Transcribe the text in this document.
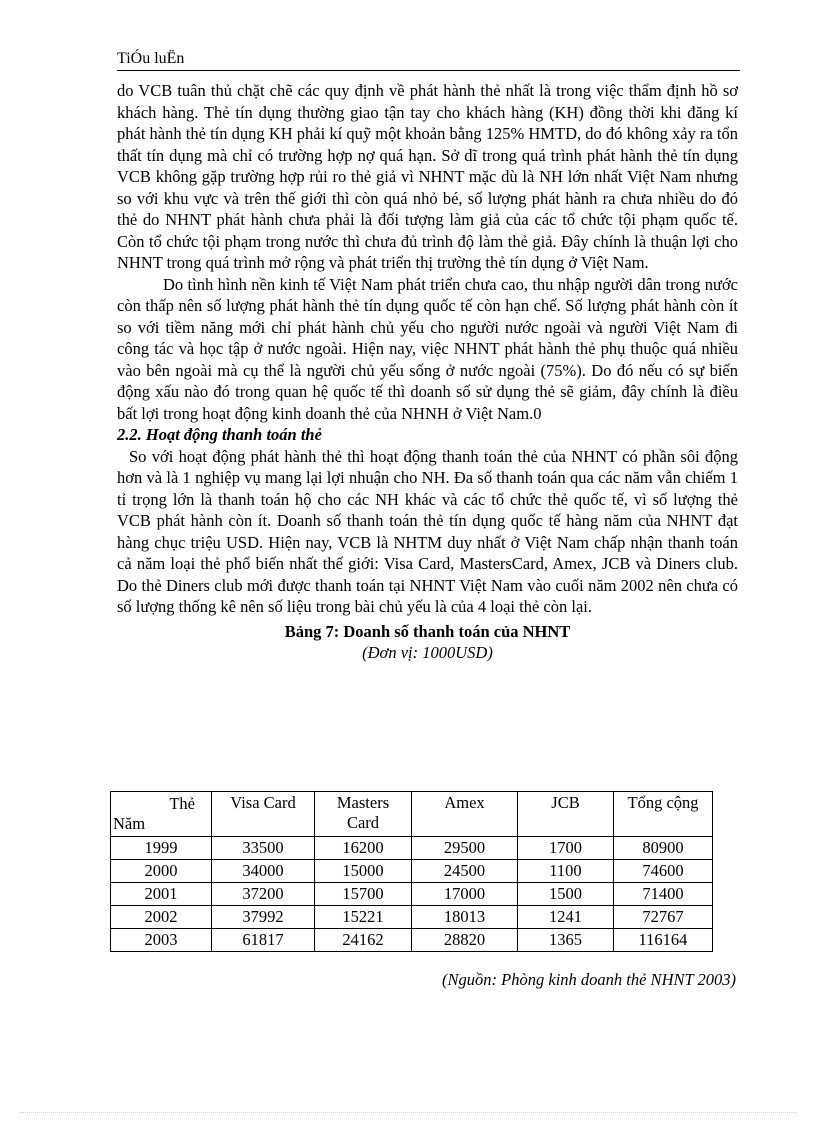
TiÓu luËn

do VCB tuân thủ chặt chẽ các quy định về phát hành thẻ nhất là trong việc thẩm định hồ sơ khách hàng. Thẻ tín dụng thường giao tận tay cho khách hàng (KH) đồng thời khi đăng kí phát hành thẻ tín dụng KH phải kí quỹ một khoản bằng 125% HMTD, do đó không xảy ra tổn thất tín dụng mà chỉ có trường hợp nợ quá hạn. Sở dĩ trong quá trình phát hành thẻ tín dụng VCB không gặp trường hợp rủi ro thẻ giả vì NHNT mặc dù là NH lớn nhất Việt Nam nhưng so với khu vực và trên thế giới thì còn quá nhỏ bé, số lượng phát hành ra chưa nhiều do đó thẻ do NHNT phát hành chưa phải là đối tượng làm giả của các tổ chức tội phạm quốc tế. Còn tổ chức tội phạm trong nước thì chưa đủ trình độ làm thẻ giả. Đây chính là thuận lợi cho NHNT trong quá trình mở rộng và phát triển thị trường thẻ tín dụng ở Việt Nam.

Do tình hình nền kinh tế Việt Nam phát triển chưa cao, thu nhập người dân trong nước còn thấp nên số lượng phát hành thẻ tín dụng quốc tế còn hạn chế. Số lượng phát hành còn ít so với tiềm năng mới chỉ phát hành chủ yếu cho người nước ngoài và người Việt Nam đi công tác và học tập ở nước ngoài. Hiện nay, việc NHNT phát hành thẻ phụ thuộc quá nhiều vào bên ngoài mà cụ thể là người chủ yếu sống ở nước ngoài (75%). Do đó nếu có sự biến động xấu nào đó trong quan hệ quốc tế thì doanh số sử dụng thẻ sẽ giảm, đây chính là điều bất lợi trong hoạt động kinh doanh thẻ của NHNH ở Việt Nam.0

2.2. Hoạt động thanh toán thẻ

So với hoạt động phát hành thẻ thì hoạt động thanh toán thẻ của NHNT có phần sôi động hơn và là 1 nghiệp vụ mang lại lợi nhuận cho NH. Đa số thanh toán qua các năm vẫn chiếm 1 tỉ trọng lớn là thanh toán hộ cho các NH khác và các tổ chức thẻ quốc tế, vì số lượng thẻ VCB phát hành còn ít. Doanh số thanh toán thẻ tín dụng quốc tế hàng năm của NHNT đạt hàng chục triệu USD. Hiện nay, VCB là NHTM duy nhất ở Việt Nam chấp nhận thanh toán cả năm loại thẻ phổ biến nhất thế giới: Visa Card, MastersCard, Amex, JCB và Diners club. Do thẻ Diners club mới được thanh toán tại NHNT Việt Nam vào cuối năm 2002 nên chưa có số lượng thống kê nên số liệu trong bài chủ yếu là của 4 loại thẻ còn lại.

Bảng 7: Doanh số thanh toán của NHNT
(Đơn vị: 1000USD)
Thẻ
Năm	Visa Card	Masters Card	Amex	JCB	Tổng cộng
1999	33500	16200	29500	1700	80900
2000	34000	15000	24500	1100	74600
2001	37200	15700	17000	1500	71400
2002	37992	15221	18013	1241	72767
2003	61817	24162	28820	1365	116164
(Nguồn: Phòng kinh doanh thẻ NHNT 2003)
